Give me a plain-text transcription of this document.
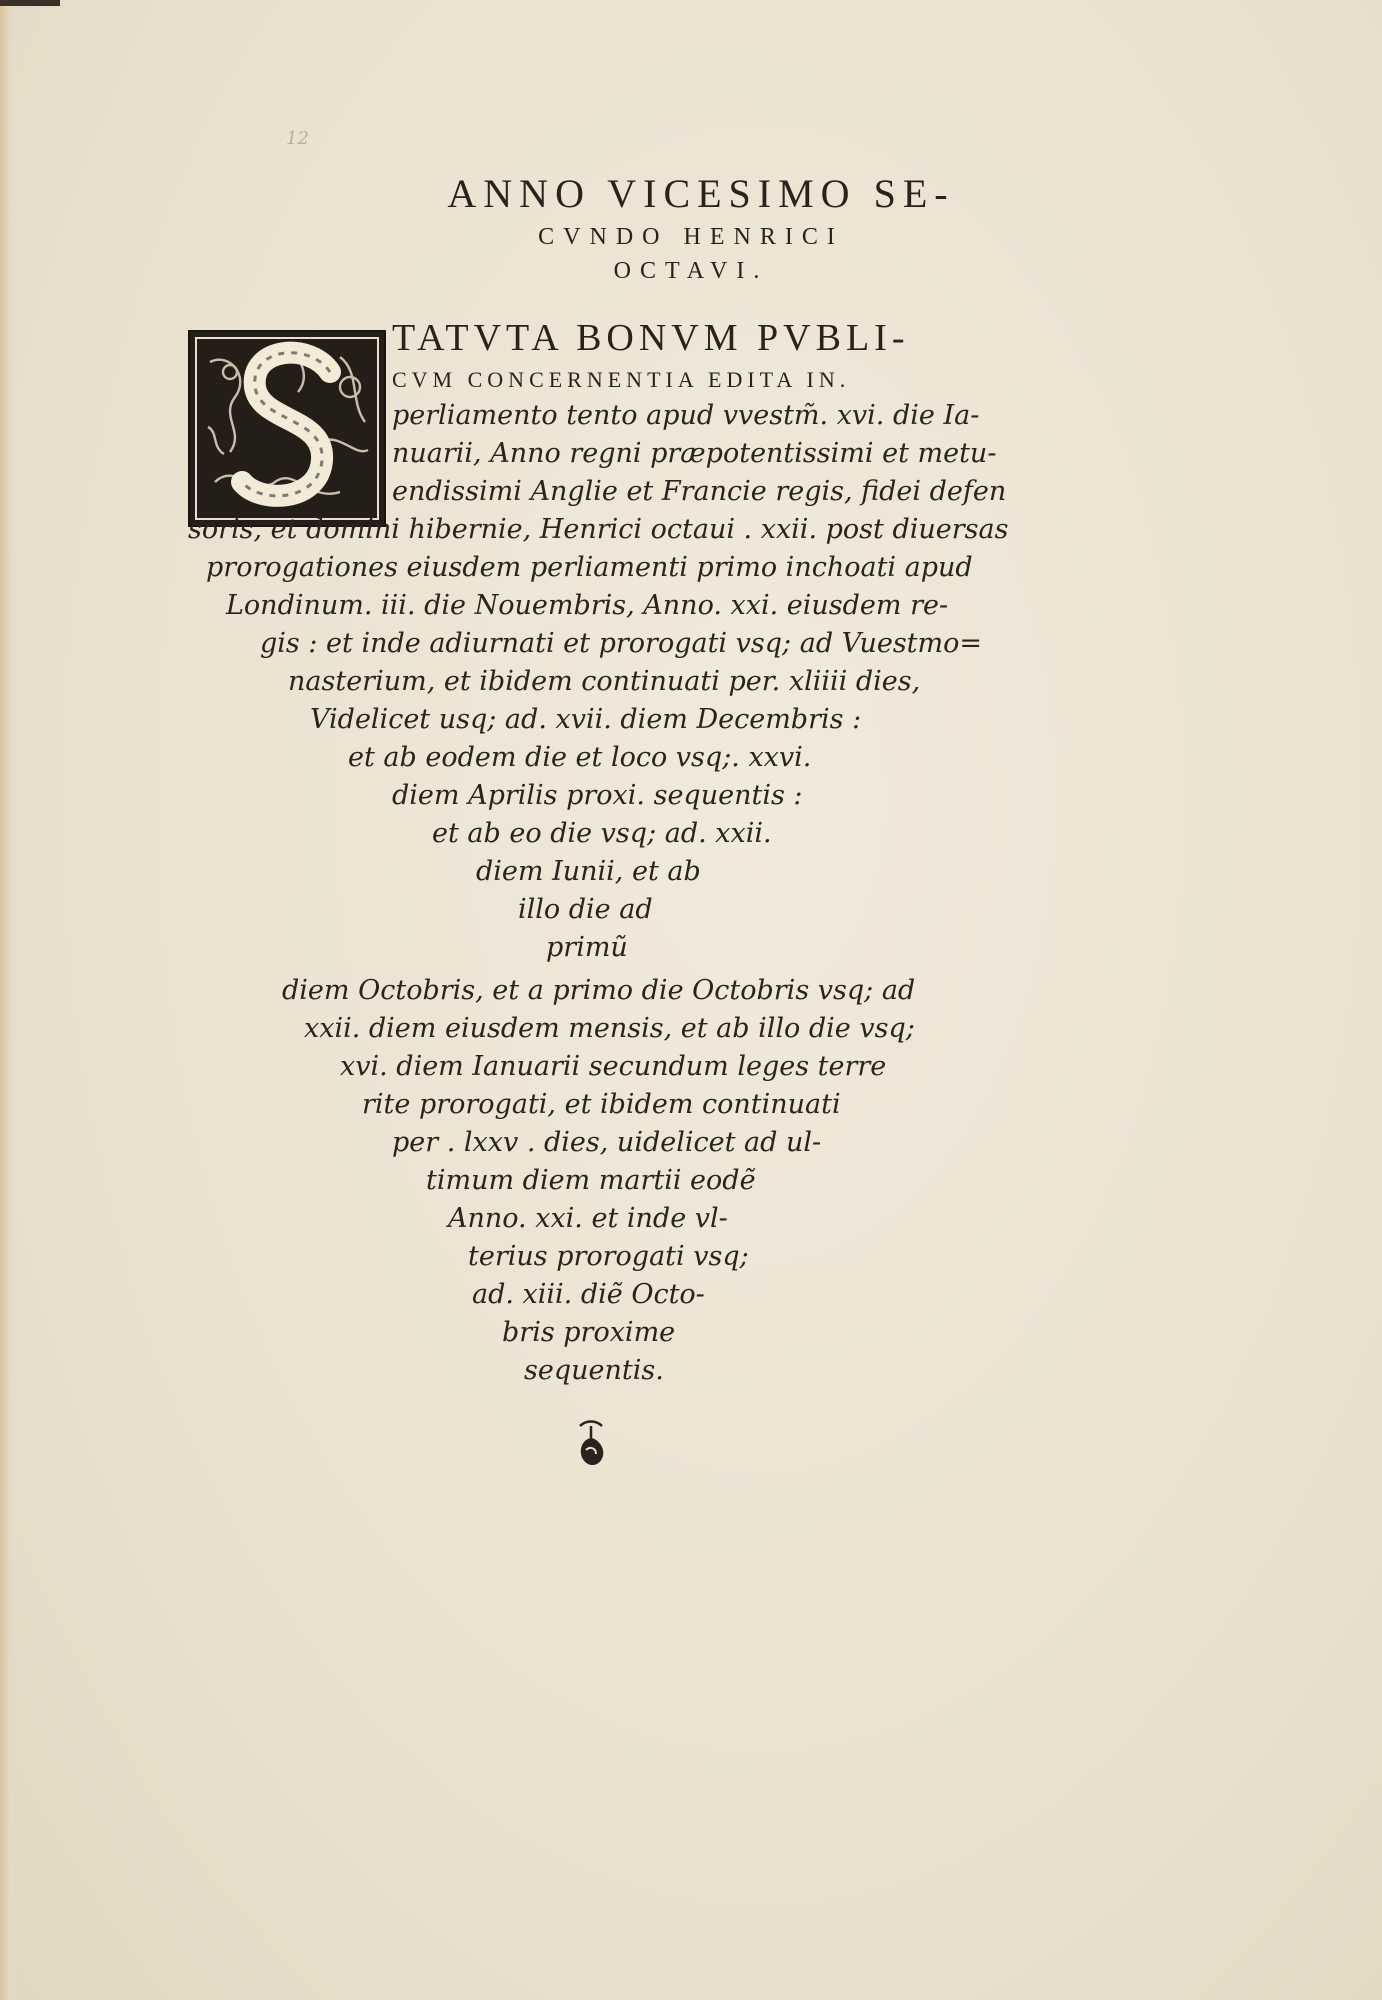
12
ANNO VICESIMO SE-
CVNDO HENRICI
OCTAVI.
TATVTA BONVM PVBLI-
CVM CONCERNENTIA EDITA IN.
perliamento tento apud vvestm̃. xvi. die Ia-
nuarii, Anno regni præpotentissimi et metu-
endissimi Anglie et Francie regis, fidei defen
soris, et domini hibernie, Henrici octaui . xxii. post diuersas
prorogationes eiusdem perliamenti primo inchoati apud
Londinum. iii. die Nouembris, Anno. xxi. eiusdem re-
gis : et inde adiurnati et prorogati vsq; ad Vuestmo=
nasterium, et ibidem continuati per. xliiii dies,
Videlicet usq; ad. xvii. diem Decembris :
et ab eodem die et loco vsq;. xxvi.
diem Aprilis proxi. sequentis :
et ab eo die vsq; ad. xxii.
diem Iunii, et ab
illo die ad
primũ
diem Octobris, et a primo die Octobris vsq; ad
xxii. diem eiusdem mensis, et ab illo die vsq;
xvi. diem Ianuarii secundum leges terre
rite prorogati, et ibidem continuati
per . lxxv . dies, uidelicet ad ul-
timum diem martii eodẽ
Anno. xxi. et inde vl-
terius prorogati vsq;
ad. xiii. diẽ Octo-
bris proxime
sequentis.
